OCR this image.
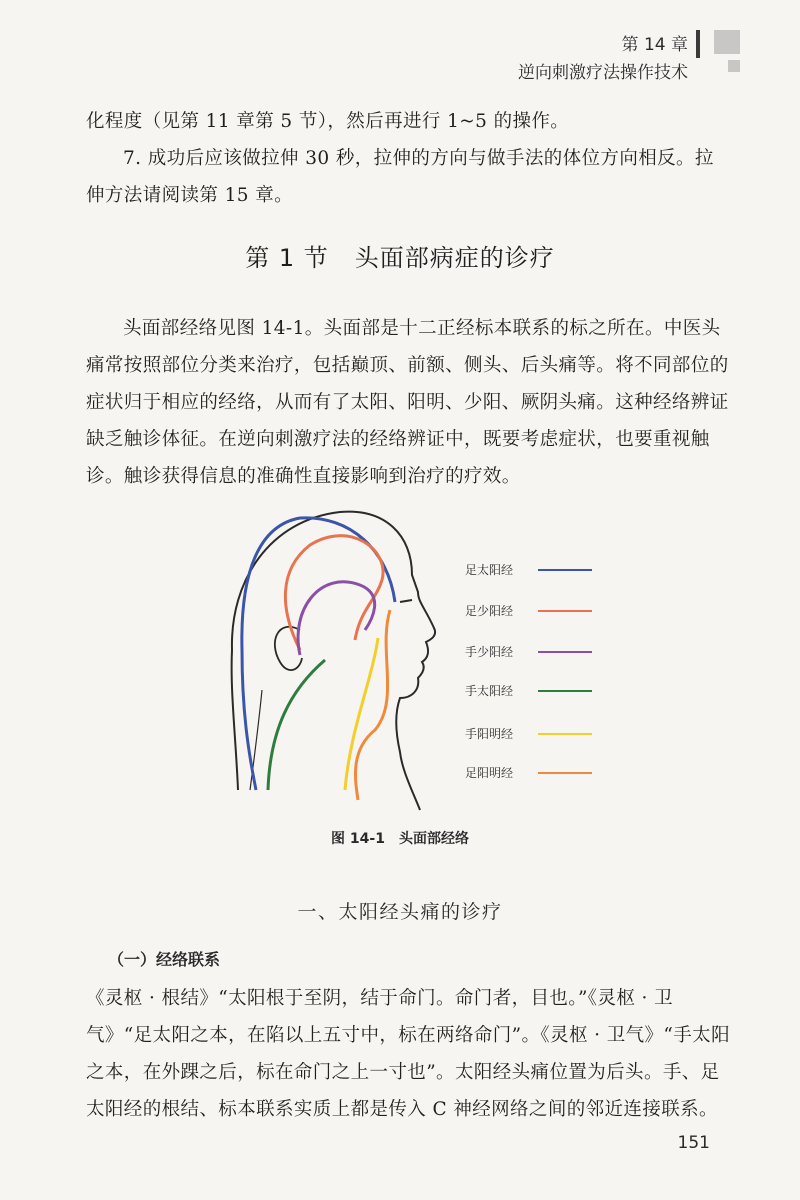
第 14 章
逆向刺激疗法操作技术

化程度（见第 11 章第 5 节），然后再进行 1~5 的操作。

7. 成功后应该做拉伸 30 秒，拉伸的方向与做手法的体位方向相反。拉伸方法请阅读第 15 章。

第 1 节 头面部病症的诊疗

头面部经络见图 14-1。头面部是十二正经标本联系的标之所在。中医头痛常按照部位分类来治疗，包括巅顶、前额、侧头、后头痛等。将不同部位的症状归于相应的经络，从而有了太阳、阳明、少阳、厥阴头痛。这种经络辨证缺乏触诊体征。在逆向刺激疗法的经络辨证中，既要考虑症状，也要重视触诊。触诊获得信息的准确性直接影响到治疗的疗效。

足太阳经
足少阳经
手少阳经
手太阳经
手阳明经
足阳明经
图 14-1 头面部经络
一、太阳经头痛的诊疗
（一）经络联系

《灵枢 · 根结》“太阳根于至阴，结于命门。命门者，目也。”《灵枢 · 卫气》“足太阳之本，在陷以上五寸中，标在两络命门”。《灵枢 · 卫气》“手太阳之本，在外踝之后，标在命门之上一寸也”。太阳经头痛位置为后头。手、足太阳经的根结、标本联系实质上都是传入 C 神经网络之间的邻近连接联系。

151
